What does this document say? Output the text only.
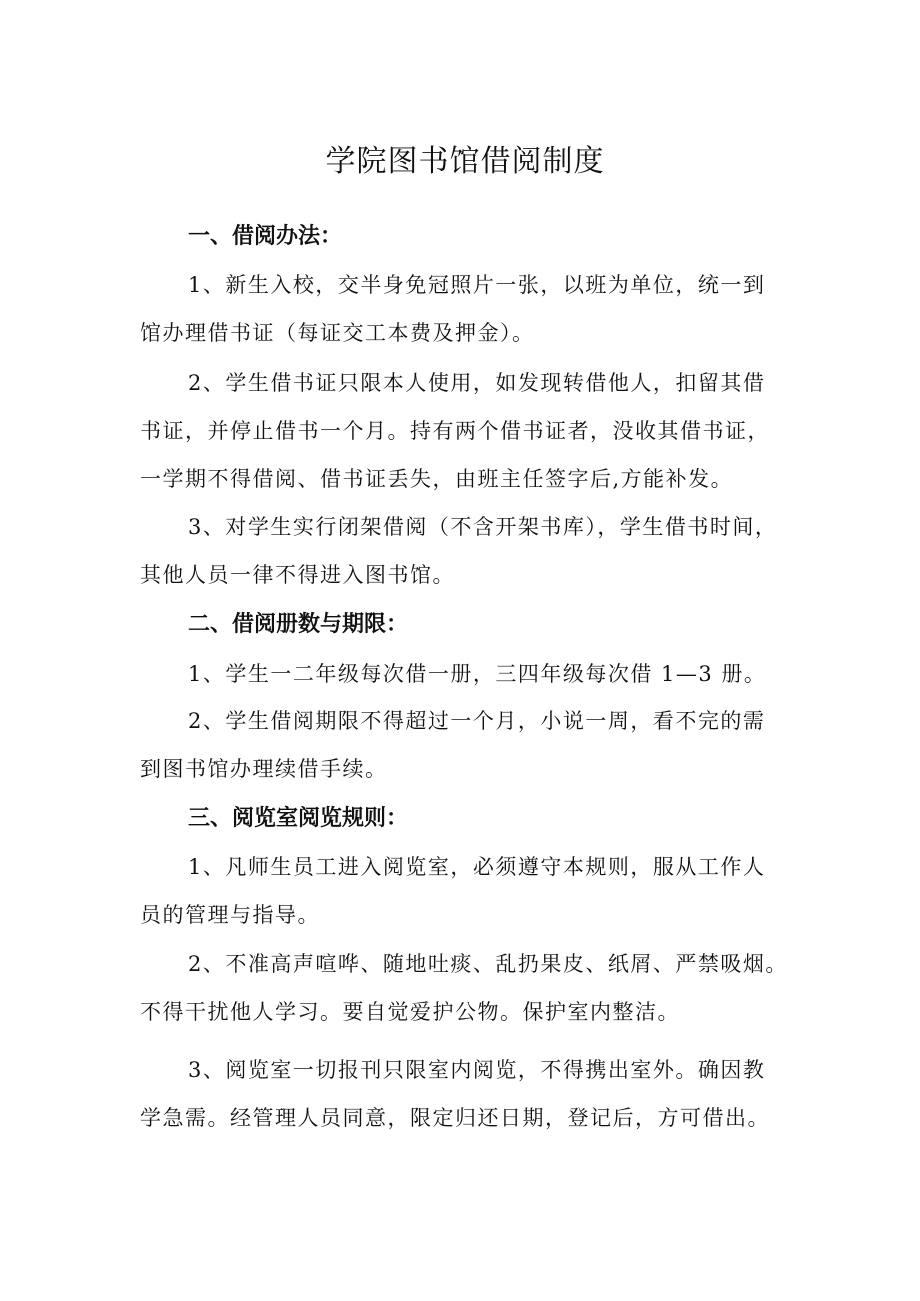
学院图书馆借阅制度
一、借阅办法：
1、新生入校，交半身免冠照片一张，以班为单位，统一到
馆办理借书证（每证交工本费及押金）。
2、学生借书证只限本人使用，如发现转借他人，扣留其借
书证，并停止借书一个月。持有两个借书证者，没收其借书证，
一学期不得借阅、借书证丢失，由班主任签字后,方能补发。
3、对学生实行闭架借阅（不含开架书库），学生借书时间，
其他人员一律不得进入图书馆。
二、借阅册数与期限：
1、学生一二年级每次借一册，三四年级每次借 1—3 册。
2、学生借阅期限不得超过一个月，小说一周，看不完的需
到图书馆办理续借手续。
三、阅览室阅览规则：
1、凡师生员工进入阅览室，必须遵守本规则，服从工作人
员的管理与指导。
2、不准高声喧哗、随地吐痰、乱扔果皮、纸屑、严禁吸烟。
不得干扰他人学习。要自觉爱护公物。保护室内整洁。
3、阅览室一切报刊只限室内阅览，不得携出室外。确因教
学急需。经管理人员同意，限定归还日期，登记后，方可借出。
